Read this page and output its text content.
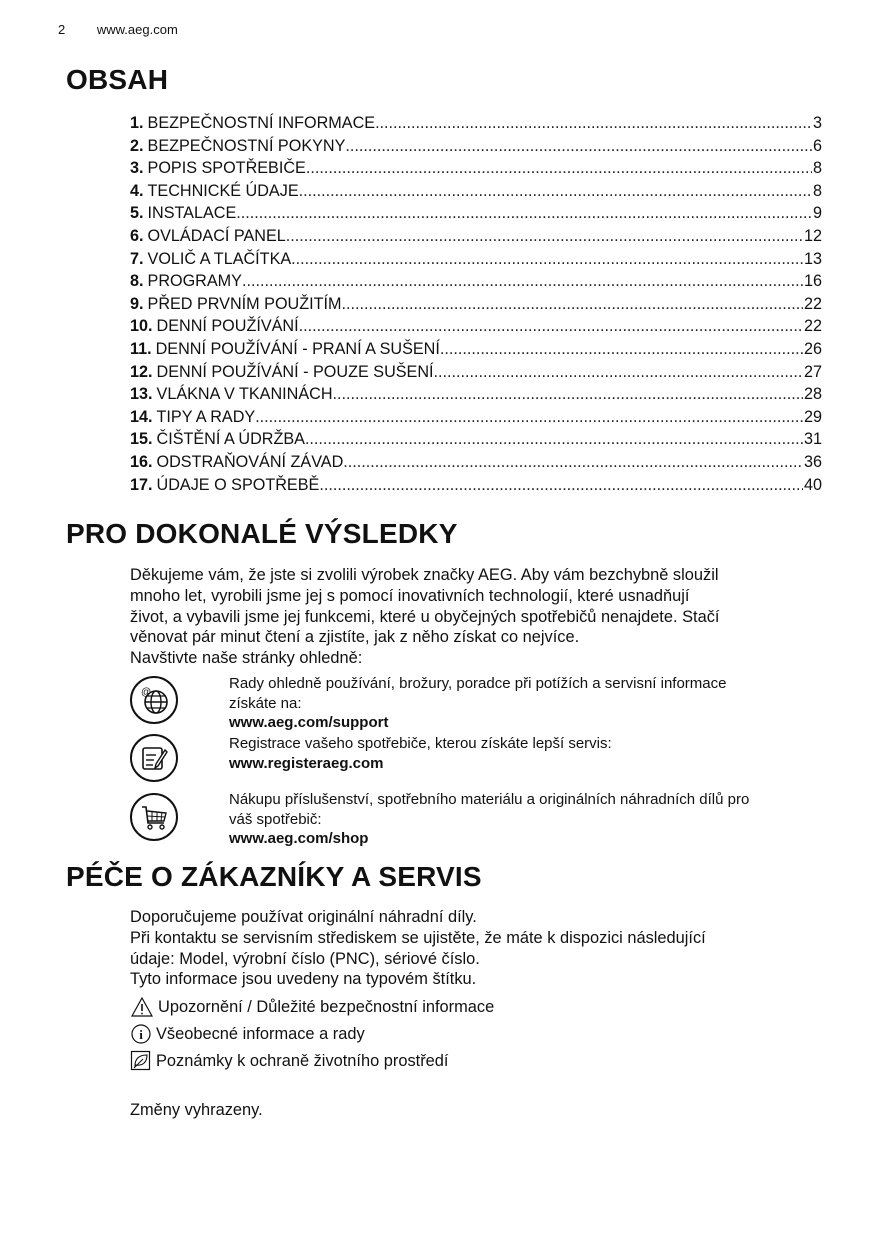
2 www.aeg.com
OBSAH
1. BEZPEČNOSTNÍ INFORMACE .....	3
2. BEZPEČNOSTNÍ POKYNY .....	6
3. POPIS SPOTŘEBIČE .....	8
4. TECHNICKÉ ÚDAJE .....	8
5. INSTALACE .....	9
6. OVLÁDACÍ PANEL .....	12
7. VOLIČ A TLAČÍTKA .....	13
8. PROGRAMY .....	16
9. PŘED PRVNÍM POUŽITÍM .....	22
10. DENNÍ POUŽÍVÁNÍ .....	22
11. DENNÍ POUŽÍVÁNÍ - PRANÍ A SUŠENÍ .....	26
12. DENNÍ POUŽÍVÁNÍ - POUZE SUŠENÍ .....	27
13. VLÁKNA V TKANINÁCH .....	28
14. TIPY A RADY .....	29
15. ČIŠTĚNÍ A ÚDRŽBA .....	31
16. ODSTRAŇOVÁNÍ ZÁVAD .....	36
17. ÚDAJE O SPOTŘEBĚ .....	40
PRO DOKONALÉ VÝSLEDKY
Děkujeme vám, že jste si zvolili výrobek značky AEG. Aby vám bezchybně sloužil
mnoho let, vyrobili jsme jej s pomocí inovativních technologií, které usnadňují
život, a vybavili jsme jej funkcemi, které u obyčejných spotřebičů nenajdete. Stačí
věnovat pár minut čtení a zjistíte, jak z něho získat co nejvíce.
Navštivte naše stránky ohledně:
@
Rady ohledně používání, brožury, poradce při potížích a servisní informace
získáte na:
www.aeg.com/support
Registrace vašeho spotřebiče, kterou získáte lepší servis:
www.registeraeg.com
Nákupu příslušenství, spotřebního materiálu a originálních náhradních dílů pro
váš spotřebič:
www.aeg.com/shop
PÉČE O ZÁKAZNÍKY A SERVIS
Doporučujeme používat originální náhradní díly.
Při kontaktu se servisním střediskem se ujistěte, že máte k dispozici následující
údaje: Model, výrobní číslo (PNC), sériové číslo.
Tyto informace jsou uvedeny na typovém štítku.
Upozornění / Důležité bezpečnostní informace
i Všeobecné informace a rady
Poznámky k ochraně životního prostředí
Změny vyhrazeny.
